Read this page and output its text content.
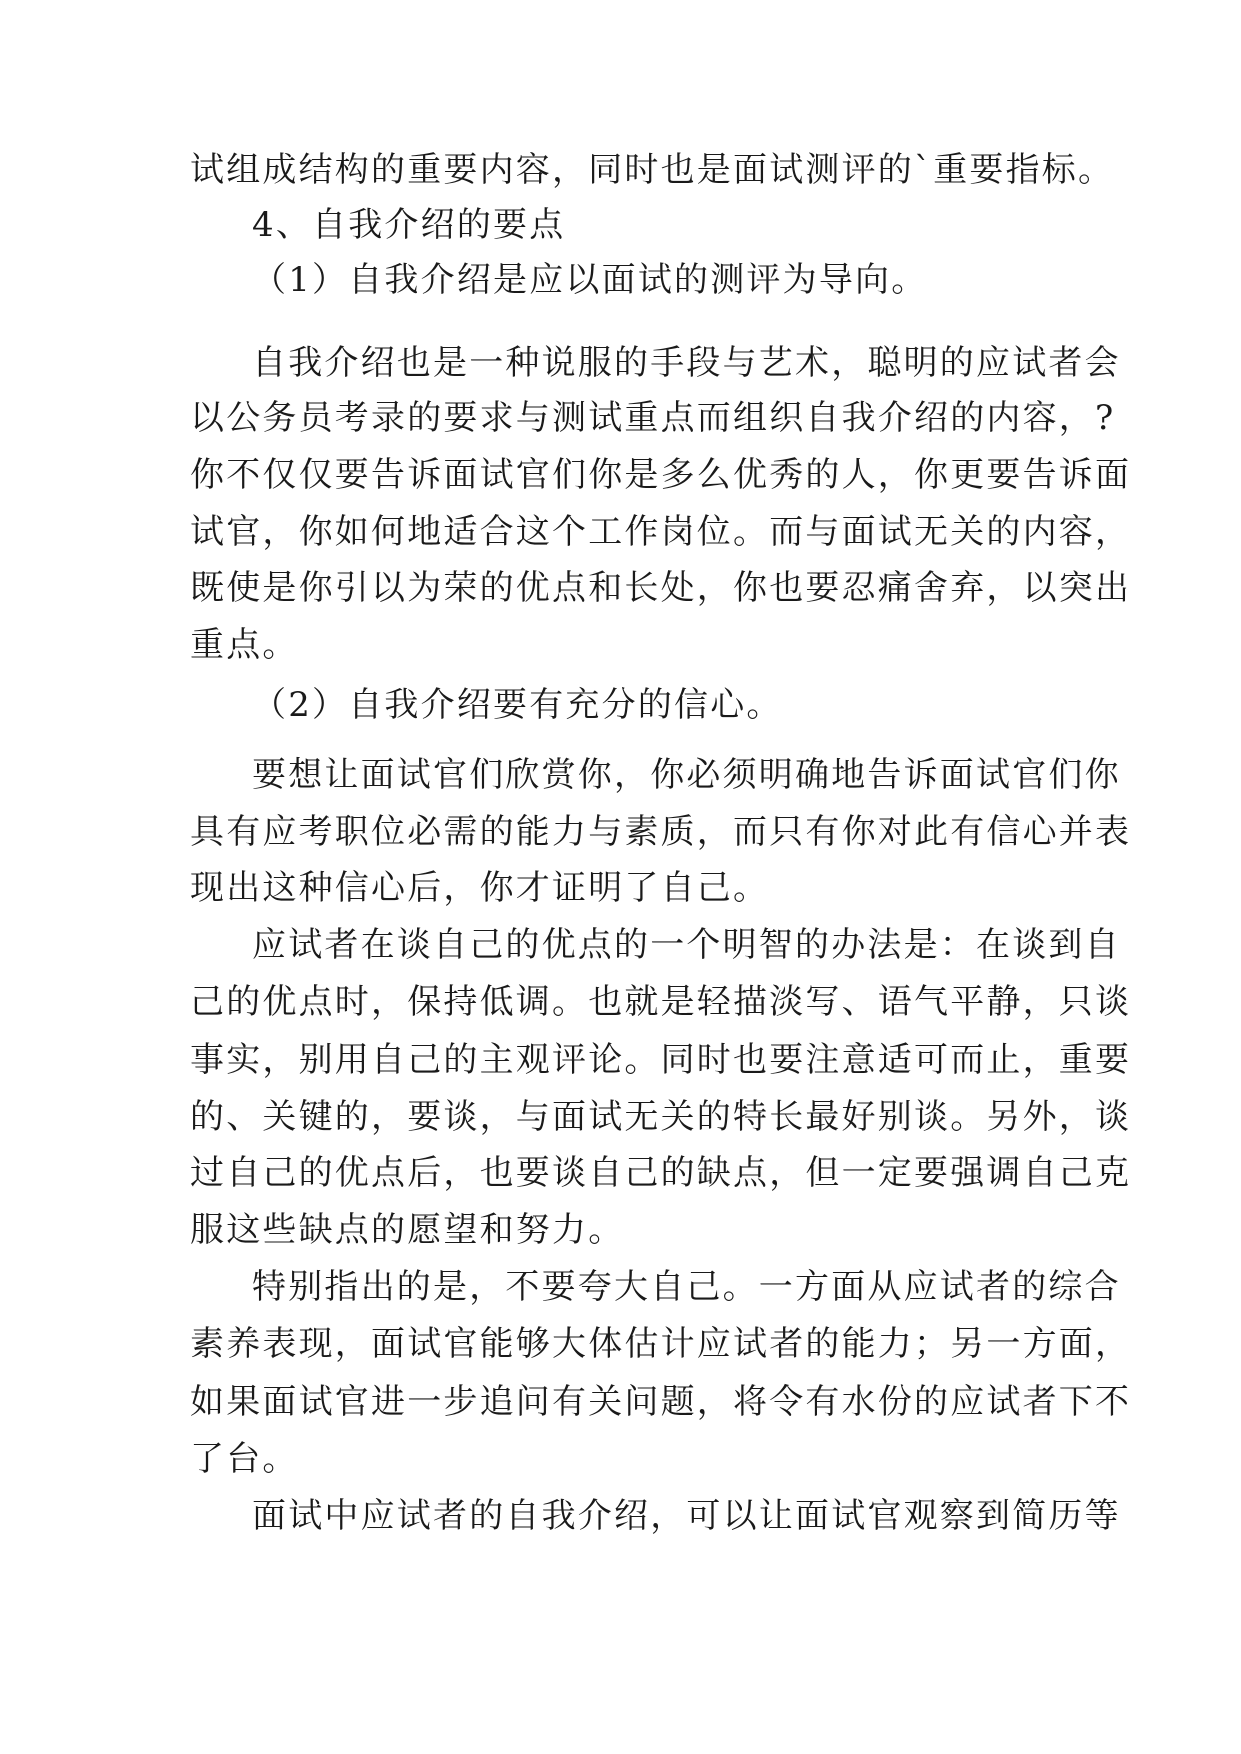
试组成结构的重要内容，同时也是面试测评的`重要指标。
4、自我介绍的要点
（1）自我介绍是应以面试的测评为导向。
自我介绍也是一种说服的手段与艺术，聪明的应试者会
以公务员考录的要求与测试重点而组织自我介绍的内容，?
你不仅仅要告诉面试官们你是多么优秀的人，你更要告诉面
试官，你如何地适合这个工作岗位。而与面试无关的内容，
既使是你引以为荣的优点和长处，你也要忍痛舍弃，以突出
重点。
（2）自我介绍要有充分的信心。
要想让面试官们欣赏你，你必须明确地告诉面试官们你
具有应考职位必需的能力与素质，而只有你对此有信心并表
现出这种信心后，你才证明了自己。
应试者在谈自己的优点的一个明智的办法是：在谈到自
己的优点时，保持低调。也就是轻描淡写、语气平静，只谈
事实，别用自己的主观评论。同时也要注意适可而止，重要
的、关键的，要谈，与面试无关的特长最好别谈。另外，谈
过自己的优点后，也要谈自己的缺点，但一定要强调自己克
服这些缺点的愿望和努力。
特别指出的是，不要夸大自己。一方面从应试者的综合
素养表现，面试官能够大体估计应试者的能力；另一方面，
如果面试官进一步追问有关问题，将令有水份的应试者下不
了台。
面试中应试者的自我介绍，可以让面试官观察到简历等
